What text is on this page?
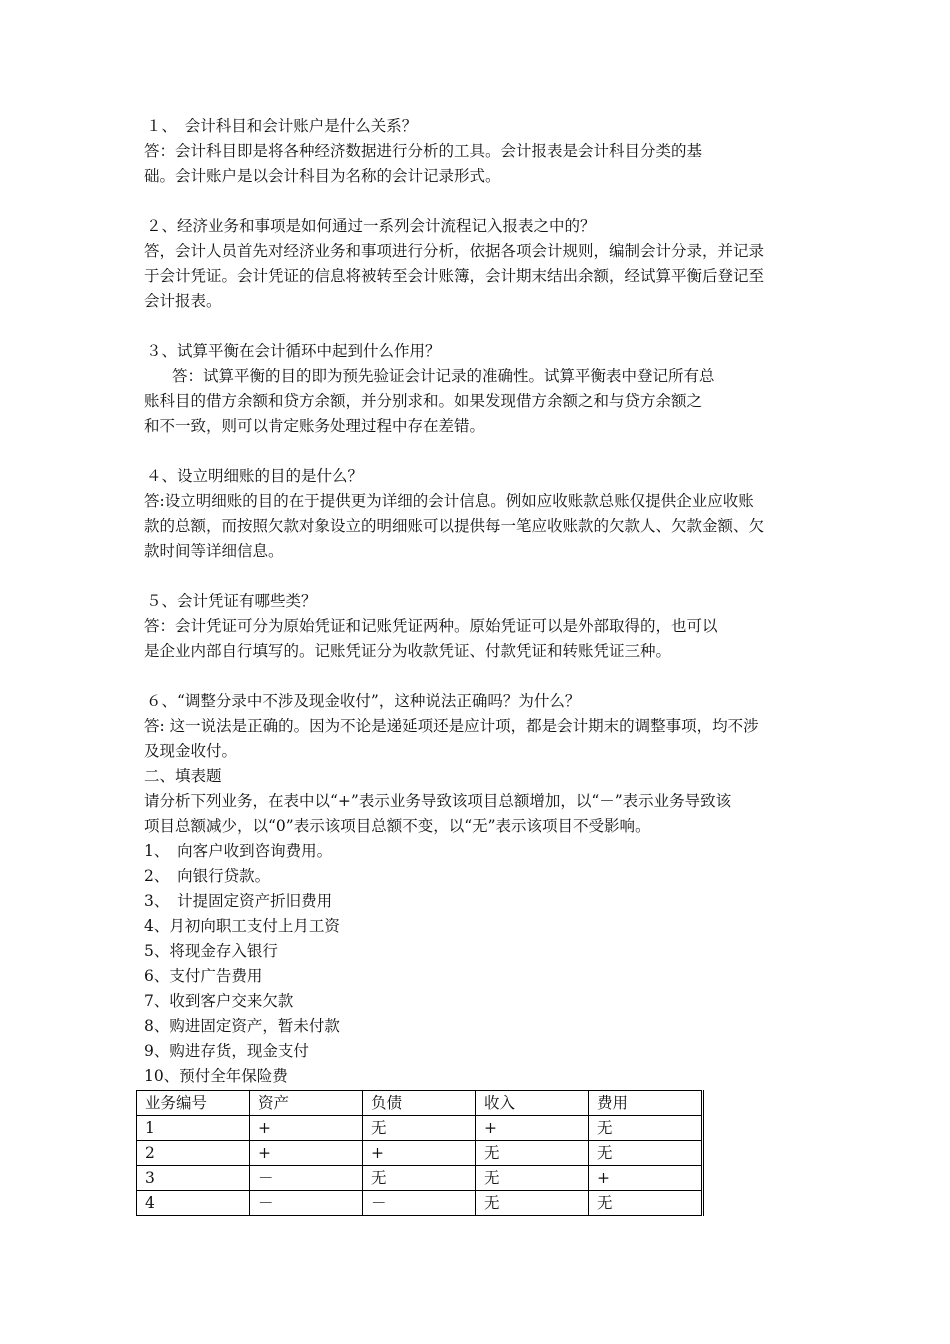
１、　会计科目和会计账户是什么关系？
答：会计科目即是将各种经济数据进行分析的工具。会计报表是会计科目分类的基
础。会计账户是以会计科目为名称的会计记录形式。
２、经济业务和事项是如何通过一系列会计流程记入报表之中的？
答，会计人员首先对经济业务和事项进行分析，依据各项会计规则，编制会计分录，并记录
于会计凭证。会计凭证的信息将被转至会计账簿，会计期末结出余额，经试算平衡后登记至
会计报表。
３、试算平衡在会计循环中起到什么作用？
答：试算平衡的目的即为预先验证会计记录的准确性。试算平衡表中登记所有总
账科目的借方余额和贷方余额，并分别求和。如果发现借方余额之和与贷方余额之
和不一致，则可以肯定账务处理过程中存在差错。
４、设立明细账的目的是什么？
答:设立明细账的目的在于提供更为详细的会计信息。例如应收账款总账仅提供企业应收账
款的总额，而按照欠款对象设立的明细账可以提供每一笔应收账款的欠款人、欠款金额、欠
款时间等详细信息。
５、会计凭证有哪些类？
答：会计凭证可分为原始凭证和记账凭证两种。原始凭证可以是外部取得的，也可以
是企业内部自行填写的。记账凭证分为收款凭证、付款凭证和转账凭证三种。
６、“调整分录中不涉及现金收付”，这种说法正确吗？为什么？
答: 这一说法是正确的。因为不论是递延项还是应计项，都是会计期末的调整事项，均不涉
及现金收付。
二、填表题
请分析下列业务，在表中以“+”表示业务导致该项目总额增加，以“－”表示业务导致该
项目总额减少，以“0”表示该项目总额不变，以“无”表示该项目不受影响。
1、　向客户收到咨询费用。
2、　向银行贷款。
3、　计提固定资产折旧费用
4、月初向职工支付上月工资
5、将现金存入银行
6、支付广告费用
7、收到客户交来欠款
8、购进固定资产，暂未付款
9、购进存货，现金支付
10、预付全年保险费
业务编号	资产	负债	收入	费用
1	+	无	+	无
2	+	+	无	无
3	－	无	无	+
4	－	－	无	无
